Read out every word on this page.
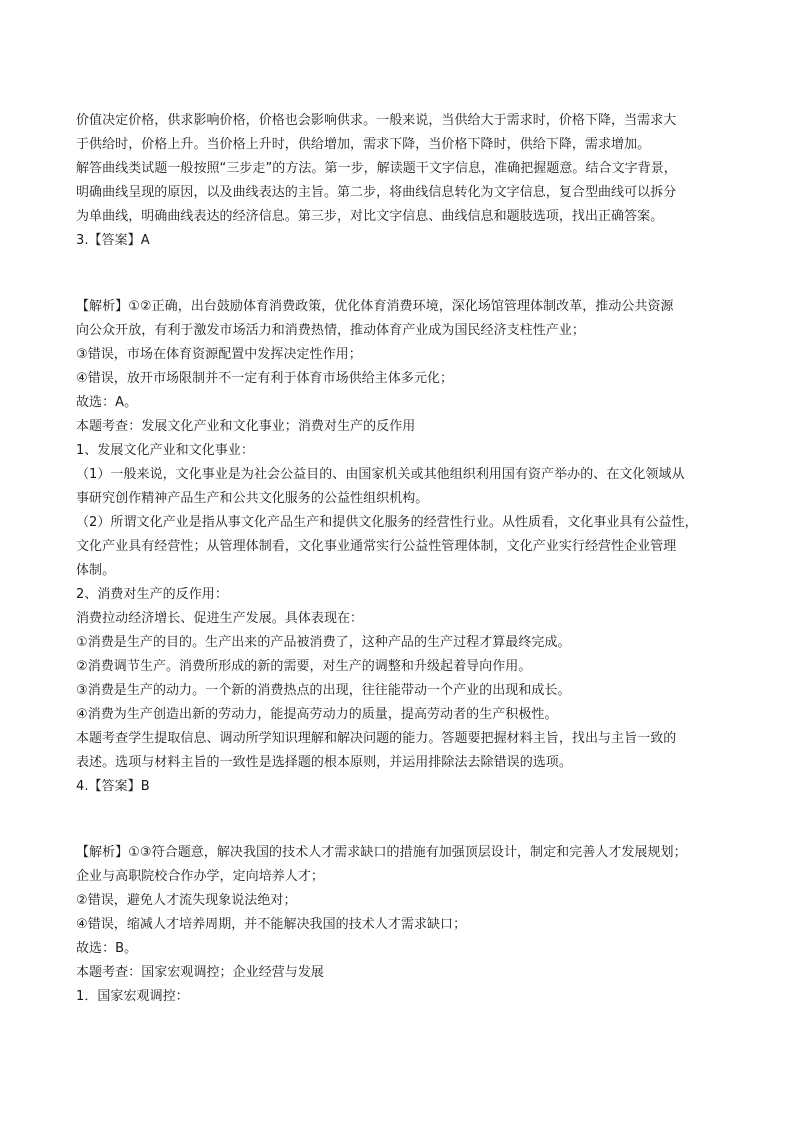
价值决定价格，供求影响价格，价格也会影响供求。一般来说，当供给大于需求时，价格下降，当需求大
于供给时，价格上升。当价格上升时，供给增加，需求下降，当价格下降时，供给下降，需求增加。
解答曲线类试题一般按照“三步走”的方法。第一步，解读题干文字信息，准确把握题意。结合文字背景，
明确曲线呈现的原因，以及曲线表达的主旨。第二步，将曲线信息转化为文字信息，复合型曲线可以拆分
为单曲线，明确曲线表达的经济信息。第三步，对比文字信息、曲线信息和题肢选项，找出正确答案。
3.【答案】A
【解析】①②正确，出台鼓励体育消费政策，优化体育消费环境，深化场馆管理体制改革，推动公共资源
向公众开放，有利于激发市场活力和消费热情，推动体育产业成为国民经济支柱性产业；
③错误，市场在体育资源配置中发挥决定性作用；
④错误，放开市场限制并不一定有利于体育市场供给主体多元化；
故选：A。
本题考查：发展文化产业和文化事业；消费对生产的反作用
1、发展文化产业和文化事业：
（1）一般来说，文化事业是为社会公益目的、由国家机关或其他组织利用国有资产举办的、在文化领域从
事研究创作精神产品生产和公共文化服务的公益性组织机构。
（2）所谓文化产业是指从事文化产品生产和提供文化服务的经营性行业。从性质看，文化事业具有公益性，
文化产业具有经营性；从管理体制看，文化事业通常实行公益性管理体制，文化产业实行经营性企业管理
体制。
2、消费对生产的反作用：
消费拉动经济增长、促进生产发展。具体表现在：
①消费是生产的目的。生产出来的产品被消费了，这种产品的生产过程才算最终完成。
②消费调节生产。消费所形成的新的需要，对生产的调整和升级起着导向作用。
③消费是生产的动力。一个新的消费热点的出现，往往能带动一个产业的出现和成长。
④消费为生产创造出新的劳动力，能提高劳动力的质量，提高劳动者的生产积极性。
本题考查学生提取信息、调动所学知识理解和解决问题的能力。答题要把握材料主旨，找出与主旨一致的
表述。选项与材料主旨的一致性是选择题的根本原则，并运用排除法去除错误的选项。
4.【答案】B
【解析】①③符合题意，解决我国的技术人才需求缺口的措施有加强顶层设计，制定和完善人才发展规划；
企业与高职院校合作办学，定向培养人才；
②错误，避免人才流失现象说法绝对；
④错误，缩减人才培养周期，并不能解决我国的技术人才需求缺口；
故选：B。
本题考查：国家宏观调控；企业经营与发展
1．国家宏观调控：
